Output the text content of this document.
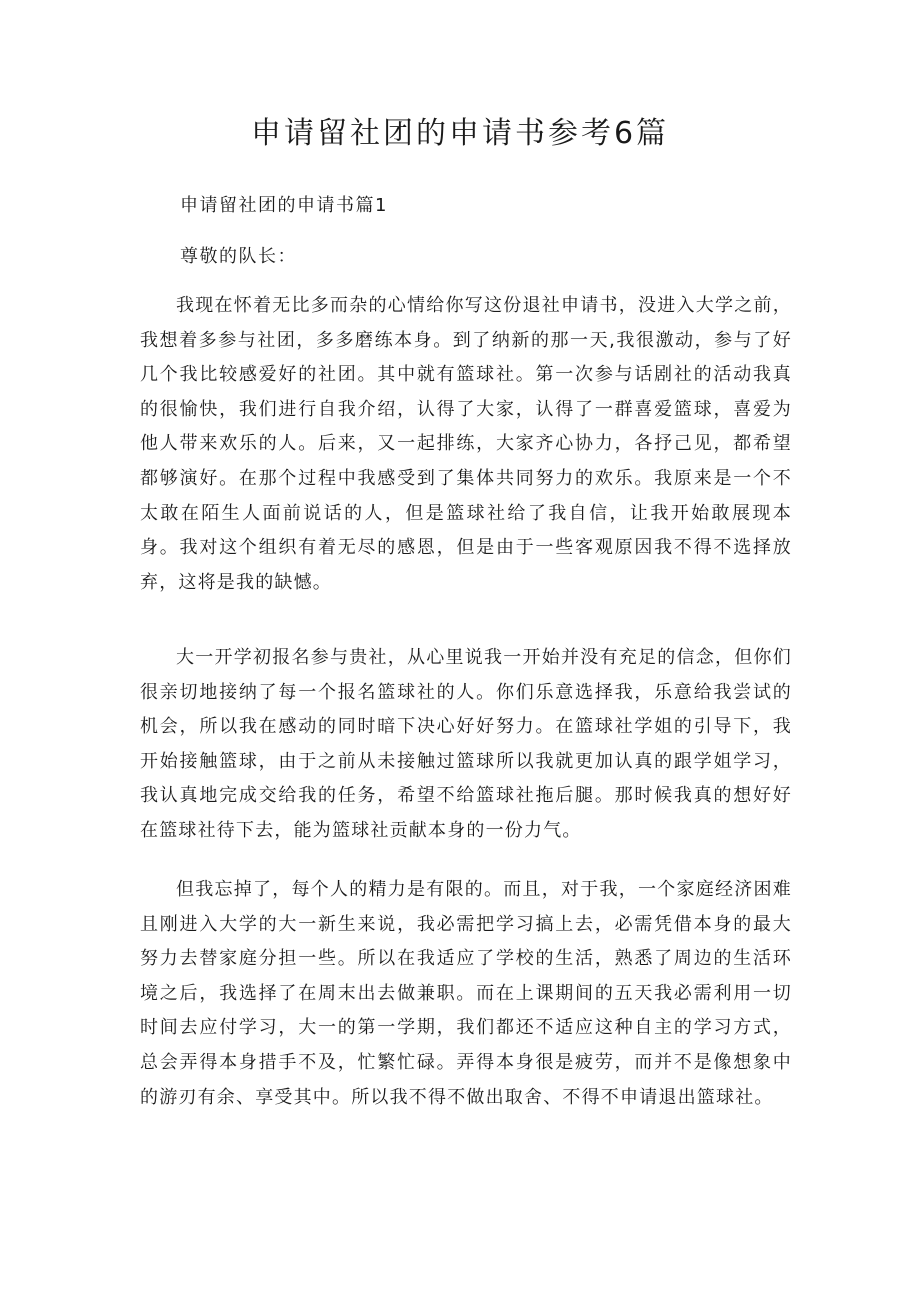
申请留社团的申请书参考6篇

申请留社团的申请书篇1

尊敬的队长：

我现在怀着无比多而杂的心情给你写这份退社申请书，没进入大学之前，我想着多参与社团，多多磨练本身。到了纳新的那一天,我很激动，参与了好几个我比较感爱好的社团。其中就有篮球社。第一次参与话剧社的活动我真的很愉快，我们进行自我介绍，认得了大家，认得了一群喜爱篮球，喜爱为他人带来欢乐的人。后来，又一起排练，大家齐心协力，各抒己见，都希望都够演好。在那个过程中我感受到了集体共同努力的欢乐。我原来是一个不太敢在陌生人面前说话的人，但是篮球社给了我自信，让我开始敢展现本身。我对这个组织有着无尽的感恩，但是由于一些客观原因我不得不选择放弃，这将是我的缺憾。

大一开学初报名参与贵社，从心里说我一开始并没有充足的信念，但你们很亲切地接纳了每一个报名篮球社的人。你们乐意选择我，乐意给我尝试的机会，所以我在感动的同时暗下决心好好努力。在篮球社学姐的引导下，我开始接触篮球，由于之前从未接触过篮球所以我就更加认真的跟学姐学习，我认真地完成交给我的任务，希望不给篮球社拖后腿。那时候我真的想好好在篮球社待下去，能为篮球社贡献本身的一份力气。

但我忘掉了，每个人的精力是有限的。而且，对于我，一个家庭经济困难且刚进入大学的大一新生来说，我必需把学习搞上去，必需凭借本身的最大努力去替家庭分担一些。所以在我适应了学校的生活，熟悉了周边的生活环境之后，我选择了在周末出去做兼职。而在上课期间的五天我必需利用一切时间去应付学习，大一的第一学期，我们都还不适应这种自主的学习方式，总会弄得本身措手不及，忙繁忙碌。弄得本身很是疲劳，而并不是像想象中的游刃有余、享受其中。所以我不得不做出取舍、不得不申请退出篮球社。
